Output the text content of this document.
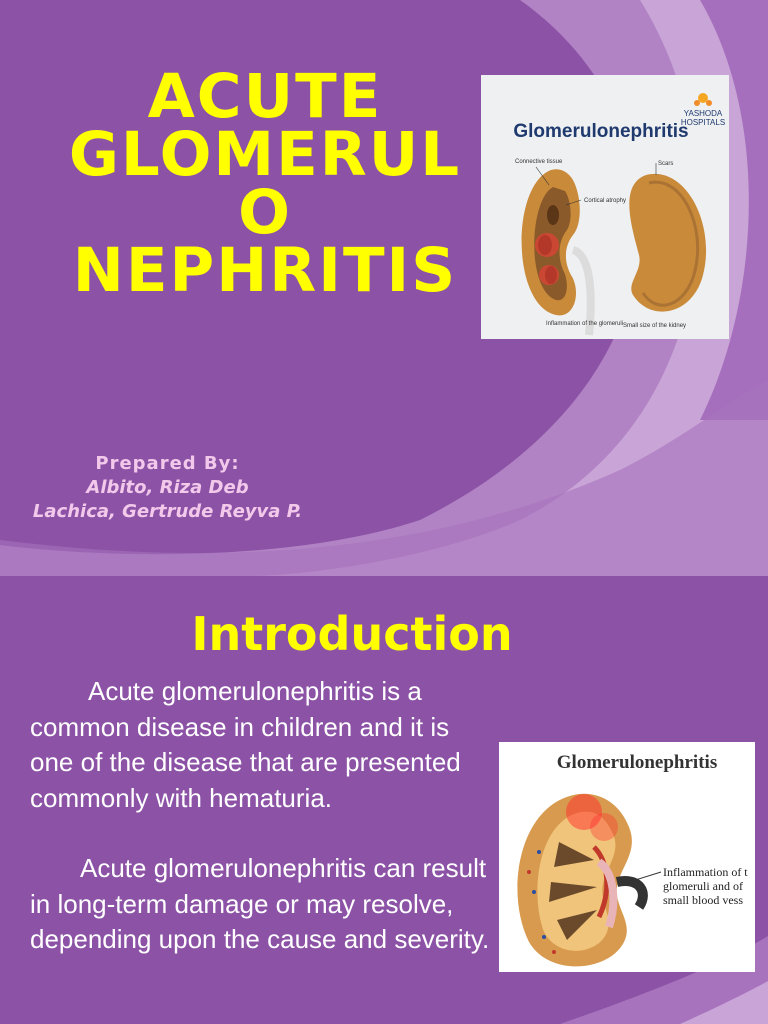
ACUTE
GLOMERUL
O
NEPHRITIS
Prepared By:
Albito, Riza Deb
Lachica, Gertrude Reyva P.
Glomerulonephritis
YASHODA
HOSPITALS
Connective tissue
Cortical atrophy
Inflammation of the glomeruli
Scars
Small size of the kidney
Introduction

Acute glomerulonephritis is a common disease in children and it is one of the disease that are presented commonly with hematuria.

Acute glomerulonephritis can result in long-term damage or may resolve, depending upon the cause and severity.

Glomerulonephritis
Inflammation of t
glomeruli and of
small blood vess
